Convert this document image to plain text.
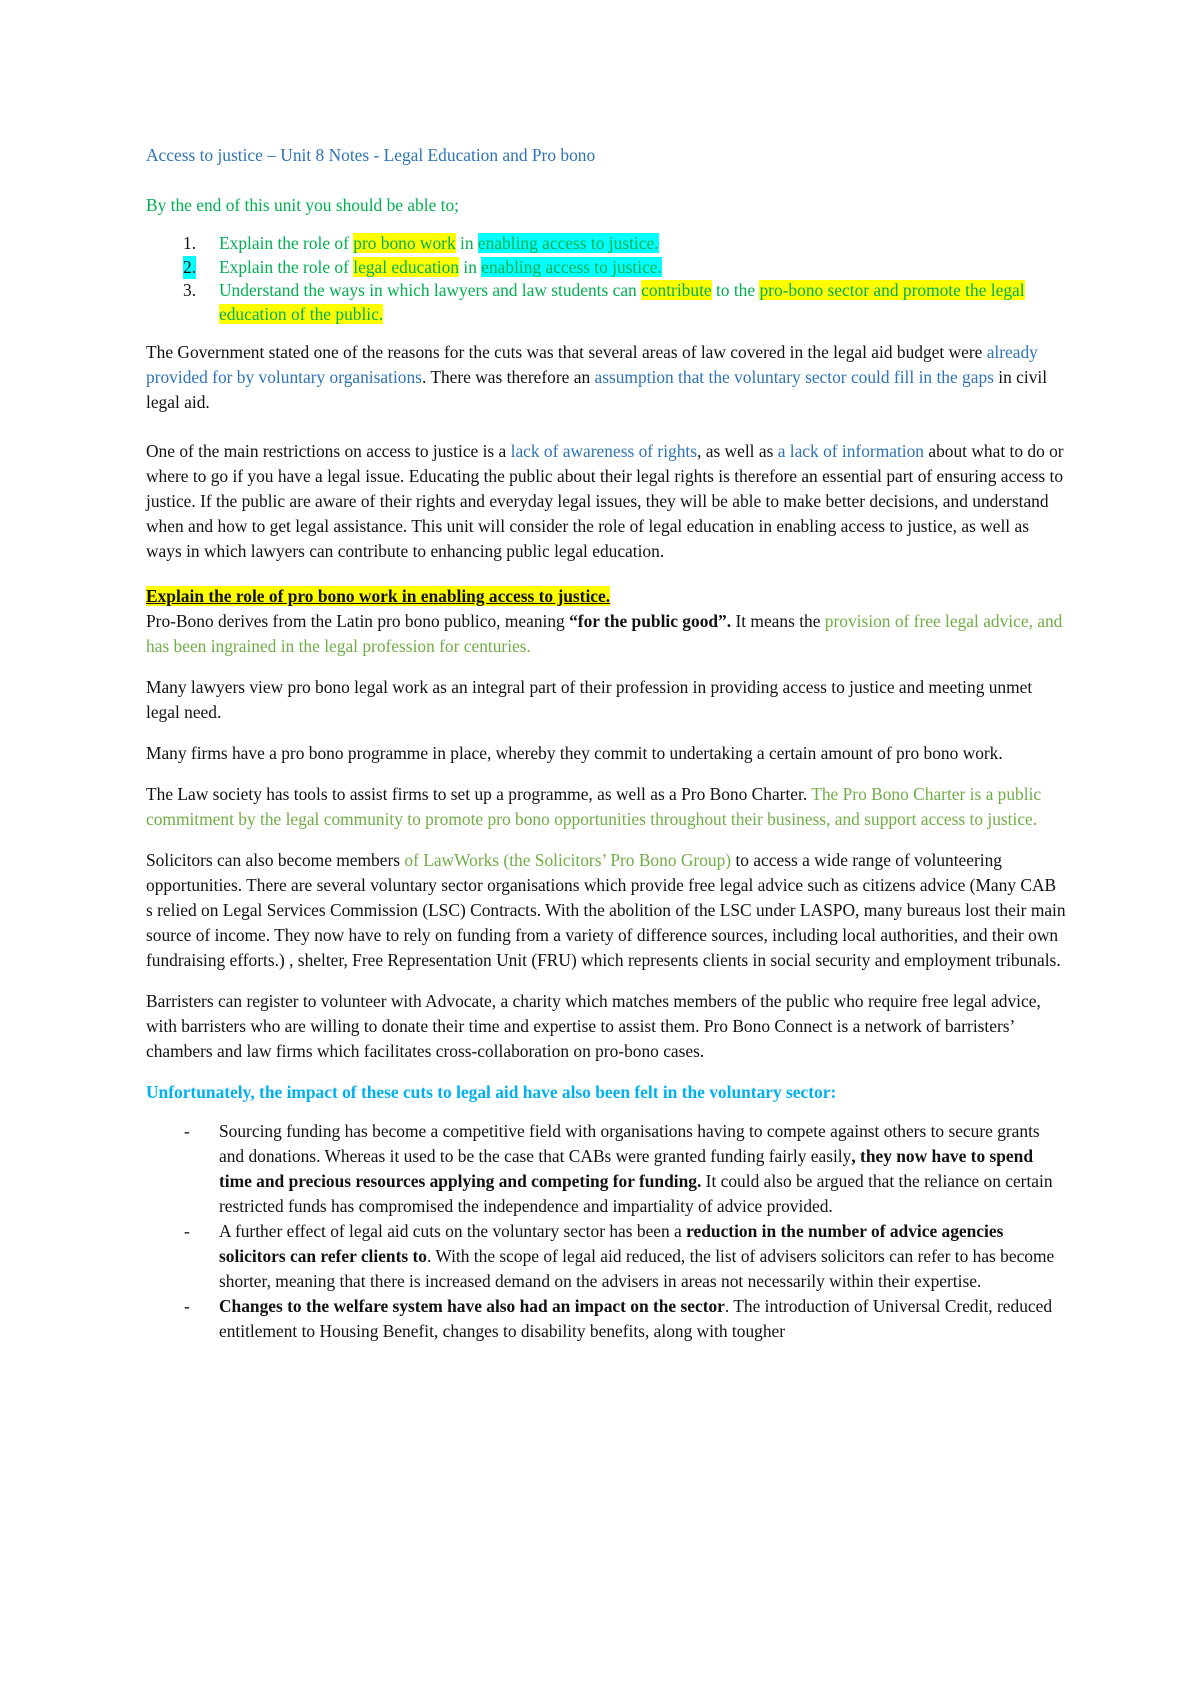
Access to justice – Unit 8 Notes - Legal Education and Pro bono
By the end of this unit you should be able to;
1. Explain the role of pro bono work in enabling access to justice.
2. Explain the role of legal education in enabling access to justice.
3. Understand the ways in which lawyers and law students can contribute to the pro-bono sector and promote the legal education of the public.

The Government stated one of the reasons for the cuts was that several areas of law covered in the legal aid budget were already provided for by voluntary organisations. There was therefore an assumption that the voluntary sector could fill in the gaps in civil legal aid.

One of the main restrictions on access to justice is a lack of awareness of rights, as well as a lack of information about what to do or where to go if you have a legal issue. Educating the public about their legal rights is therefore an essential part of ensuring access to justice. If the public are aware of their rights and everyday legal issues, they will be able to make better decisions, and understand when and how to get legal assistance. This unit will consider the role of legal education in enabling access to justice, as well as ways in which lawyers can contribute to enhancing public legal education.

Explain the role of pro bono work in enabling access to justice.

Pro-Bono derives from the Latin pro bono publico, meaning “for the public good”. It means the provision of free legal advice, and has been ingrained in the legal profession for centuries.

Many lawyers view pro bono legal work as an integral part of their profession in providing access to justice and meeting unmet legal need.

Many firms have a pro bono programme in place, whereby they commit to undertaking a certain amount of pro bono work.

The Law society has tools to assist firms to set up a programme, as well as a Pro Bono Charter. The Pro Bono Charter is a public commitment by the legal community to promote pro bono opportunities throughout their business, and support access to justice.

Solicitors can also become members of LawWorks (the Solicitors’ Pro Bono Group) to access a wide range of volunteering opportunities. There are several voluntary sector organisations which provide free legal advice such as citizens advice (Many CAB s relied on Legal Services Commission (LSC) Contracts. With the abolition of the LSC under LASPO, many bureaus lost their main source of income. They now have to rely on funding from a variety of difference sources, including local authorities, and their own fundraising efforts.) , shelter, Free Representation Unit (FRU) which represents clients in social security and employment tribunals.

Barristers can register to volunteer with Advocate, a charity which matches members of the public who require free legal advice, with barristers who are willing to donate their time and expertise to assist them. Pro Bono Connect is a network of barristers’ chambers and law firms which facilitates cross-collaboration on pro-bono cases.

Unfortunately, the impact of these cuts to legal aid have also been felt in the voluntary sector:
- Sourcing funding has become a competitive field with organisations having to compete against others to secure grants and donations. Whereas it used to be the case that CABs were granted funding fairly easily, they now have to spend time and precious resources applying and competing for funding. It could also be argued that the reliance on certain restricted funds has compromised the independence and impartiality of advice provided.
- A further effect of legal aid cuts on the voluntary sector has been a reduction in the number of advice agencies solicitors can refer clients to. With the scope of legal aid reduced, the list of advisers solicitors can refer to has become shorter, meaning that there is increased demand on the advisers in areas not necessarily within their expertise.
- Changes to the welfare system have also had an impact on the sector. The introduction of Universal Credit, reduced entitlement to Housing Benefit, changes to disability benefits, along with tougher
